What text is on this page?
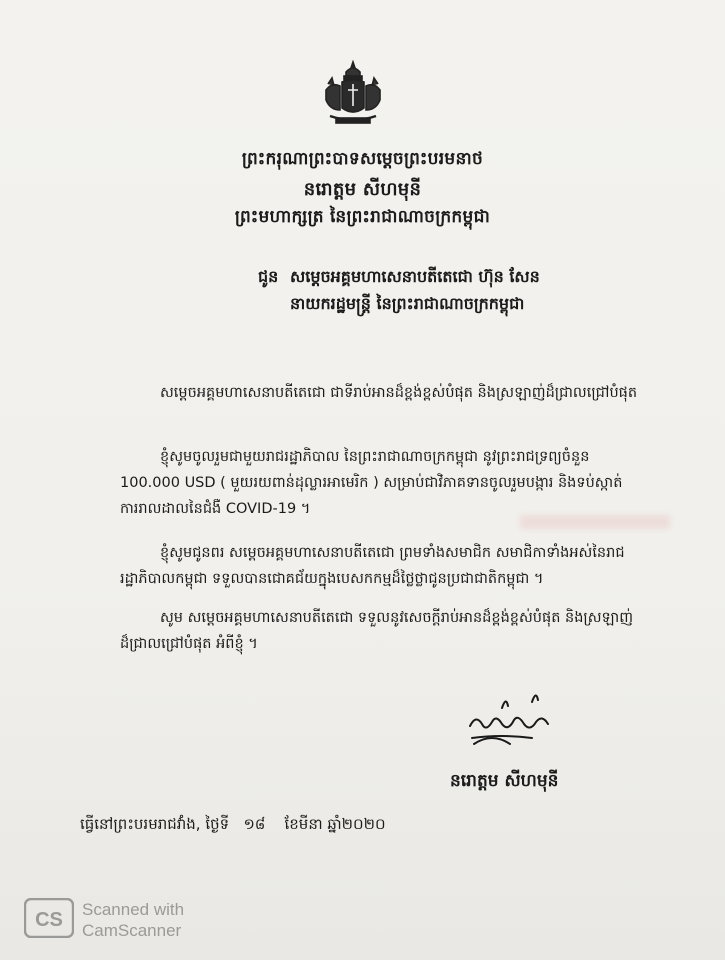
ព្រះករុណាព្រះបាទសម្តេចព្រះបរមនាថ
នរោត្តម សីហមុនី
ព្រះមហាក្សត្រ នៃព្រះរាជាណាចក្រកម្ពុជា
ជូន សម្តេចអគ្គមហាសេនាបតីតេជោ ហ៊ុន សែន
នាយករដ្ឋមន្ត្រី នៃព្រះរាជាណាចក្រកម្ពុជា
សម្តេចអគ្គមហាសេនាបតីតេជោ ជាទីរាប់អានដ៏ខ្ពង់ខ្ពស់បំផុត និងស្រឡាញ់ដ៏ជ្រាលជ្រៅបំផុត
ខ្ញុំសូមចូលរួមជាមួយរាជរដ្ឋាភិបាល នៃព្រះរាជាណាចក្រកម្ពុជា នូវព្រះរាជទ្រព្យចំនួន 100.000 USD ( មួយរយពាន់ដុល្លារអាមេរិក ) សម្រាប់ជាវិភាគទានចូលរួមបង្ការ និងទប់ស្កាត់ការរាលដាលនៃជំងឺ COVID-19 ។
ខ្ញុំសូមជូនពរ សម្តេចអគ្គមហាសេនាបតីតេជោ ព្រមទាំងសមាជិក សមាជិកាទាំងអស់នៃរាជរដ្ឋាភិបាលកម្ពុជា ទទួលបានជោគជ័យក្នុងបេសកកម្មដ៏ថ្លៃថ្លាជូនប្រជាជាតិកម្ពុជា ។
សូម សម្តេចអគ្គមហាសេនាបតីតេជោ ទទួលនូវសេចក្តីរាប់អានដ៏ខ្ពង់ខ្ពស់បំផុត និងស្រឡាញ់ដ៏ជ្រាលជ្រៅបំផុត អំពីខ្ញុំ ។
នរោត្តម សីហមុនី
ធ្វើនៅព្រះបរមរាជវាំង, ថ្ងៃទី ១៨ ខែមីនា ឆ្នាំ២០២០
CS Scanned with
CamScanner
